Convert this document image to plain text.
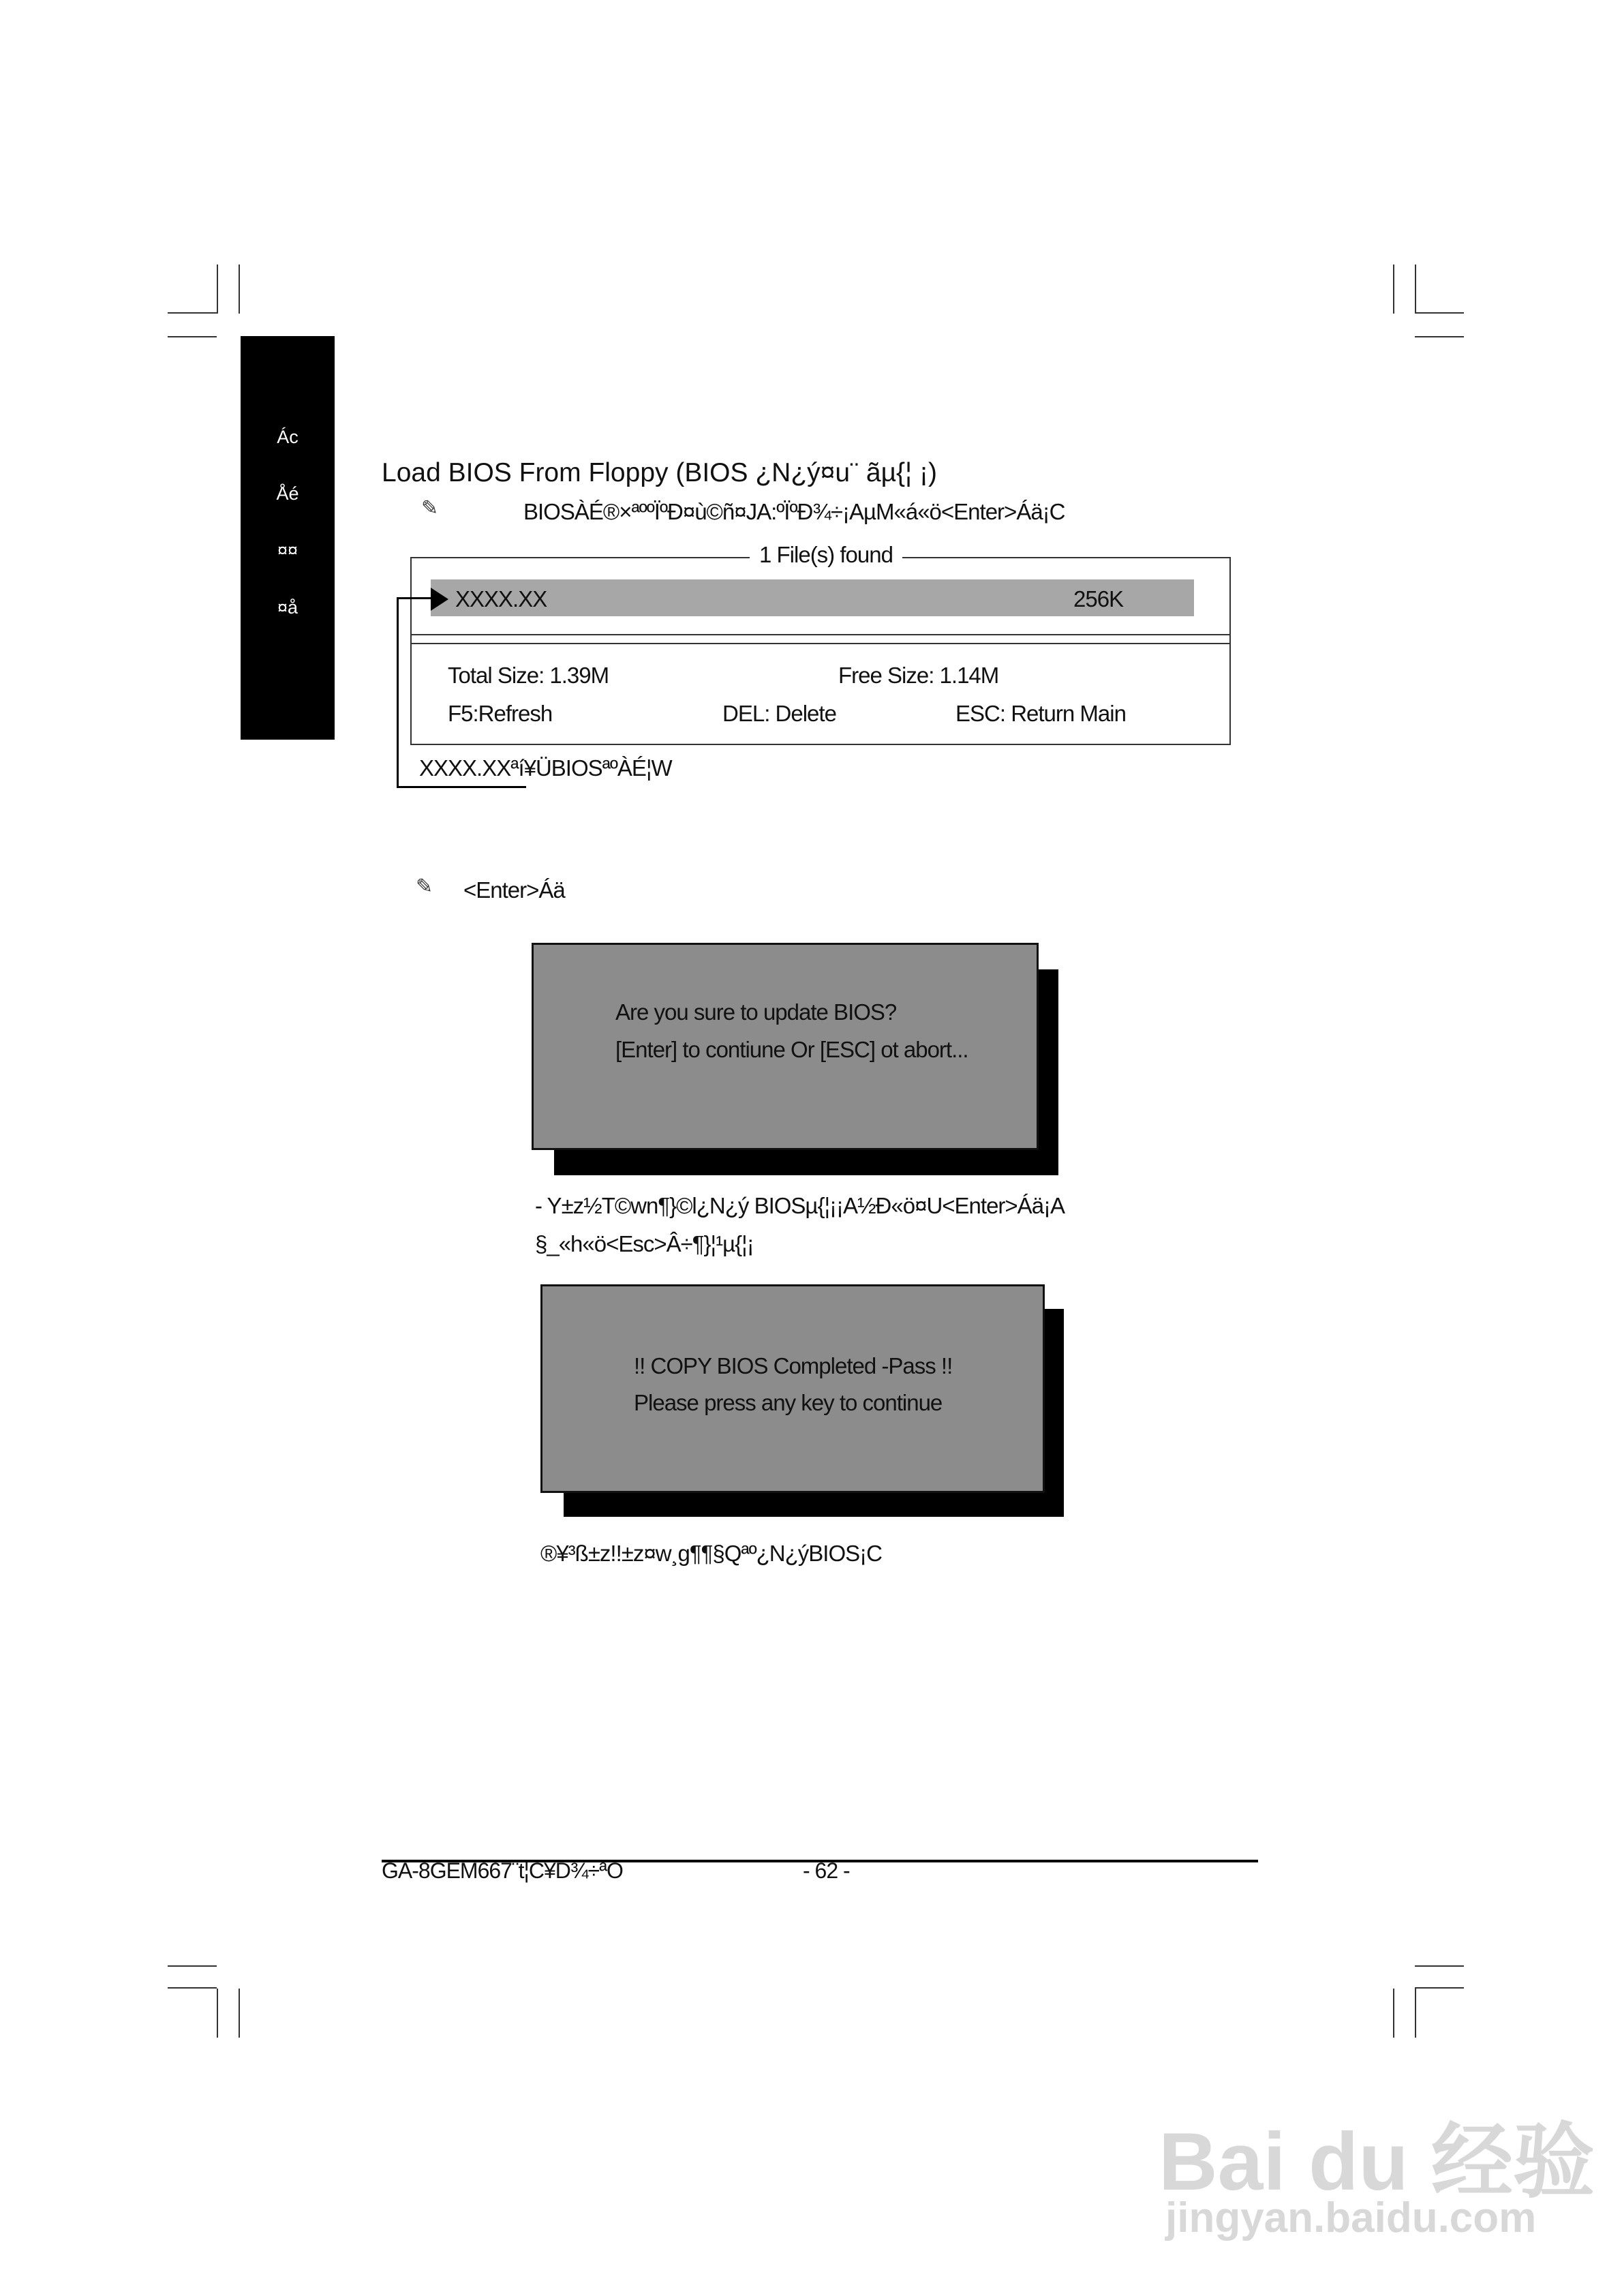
Ác
Åé
¤¤
¤å
Load BIOS From Floppy (BIOS ¿N¿ý¤u¨ ãµ{¦ ¡)
✎	BIOSÀÉ®×ªººÏºÐ¤ù©ñ¤JA:ºÏºÐ¾÷¡AµM«á«ö<Enter>Áä¡C
1 File(s) found
XXXX.XX	256K
Total Size: 1.39M	Free Size: 1.14M
F5:Refresh	DEL: Delete	ESC: Return Main
XXXX.XXªí¥ÜBIOSªºÀÉ¦W
✎ <Enter>Áä
Are you sure to update BIOS?
[Enter] to contiune Or [ESC] ot abort...
- Y±z½T©wn¶}©l¿N¿ý BIOSµ{¦¡¡A½Ð«ö¤U<Enter>Áä¡A
§_«h«ö<Esc>Â÷¶}¦¹µ{¦¡
!! COPY BIOS Completed -Pass !!
Please press any key to continue
®¥³ß±z!!±z¤w¸g¶¶§Qªº¿N¿ýBIOS¡C
GA-8GEM667¨t¦C¥D¾÷ªO	- 62 -
Bai du 经验
jingyan.baidu.com
